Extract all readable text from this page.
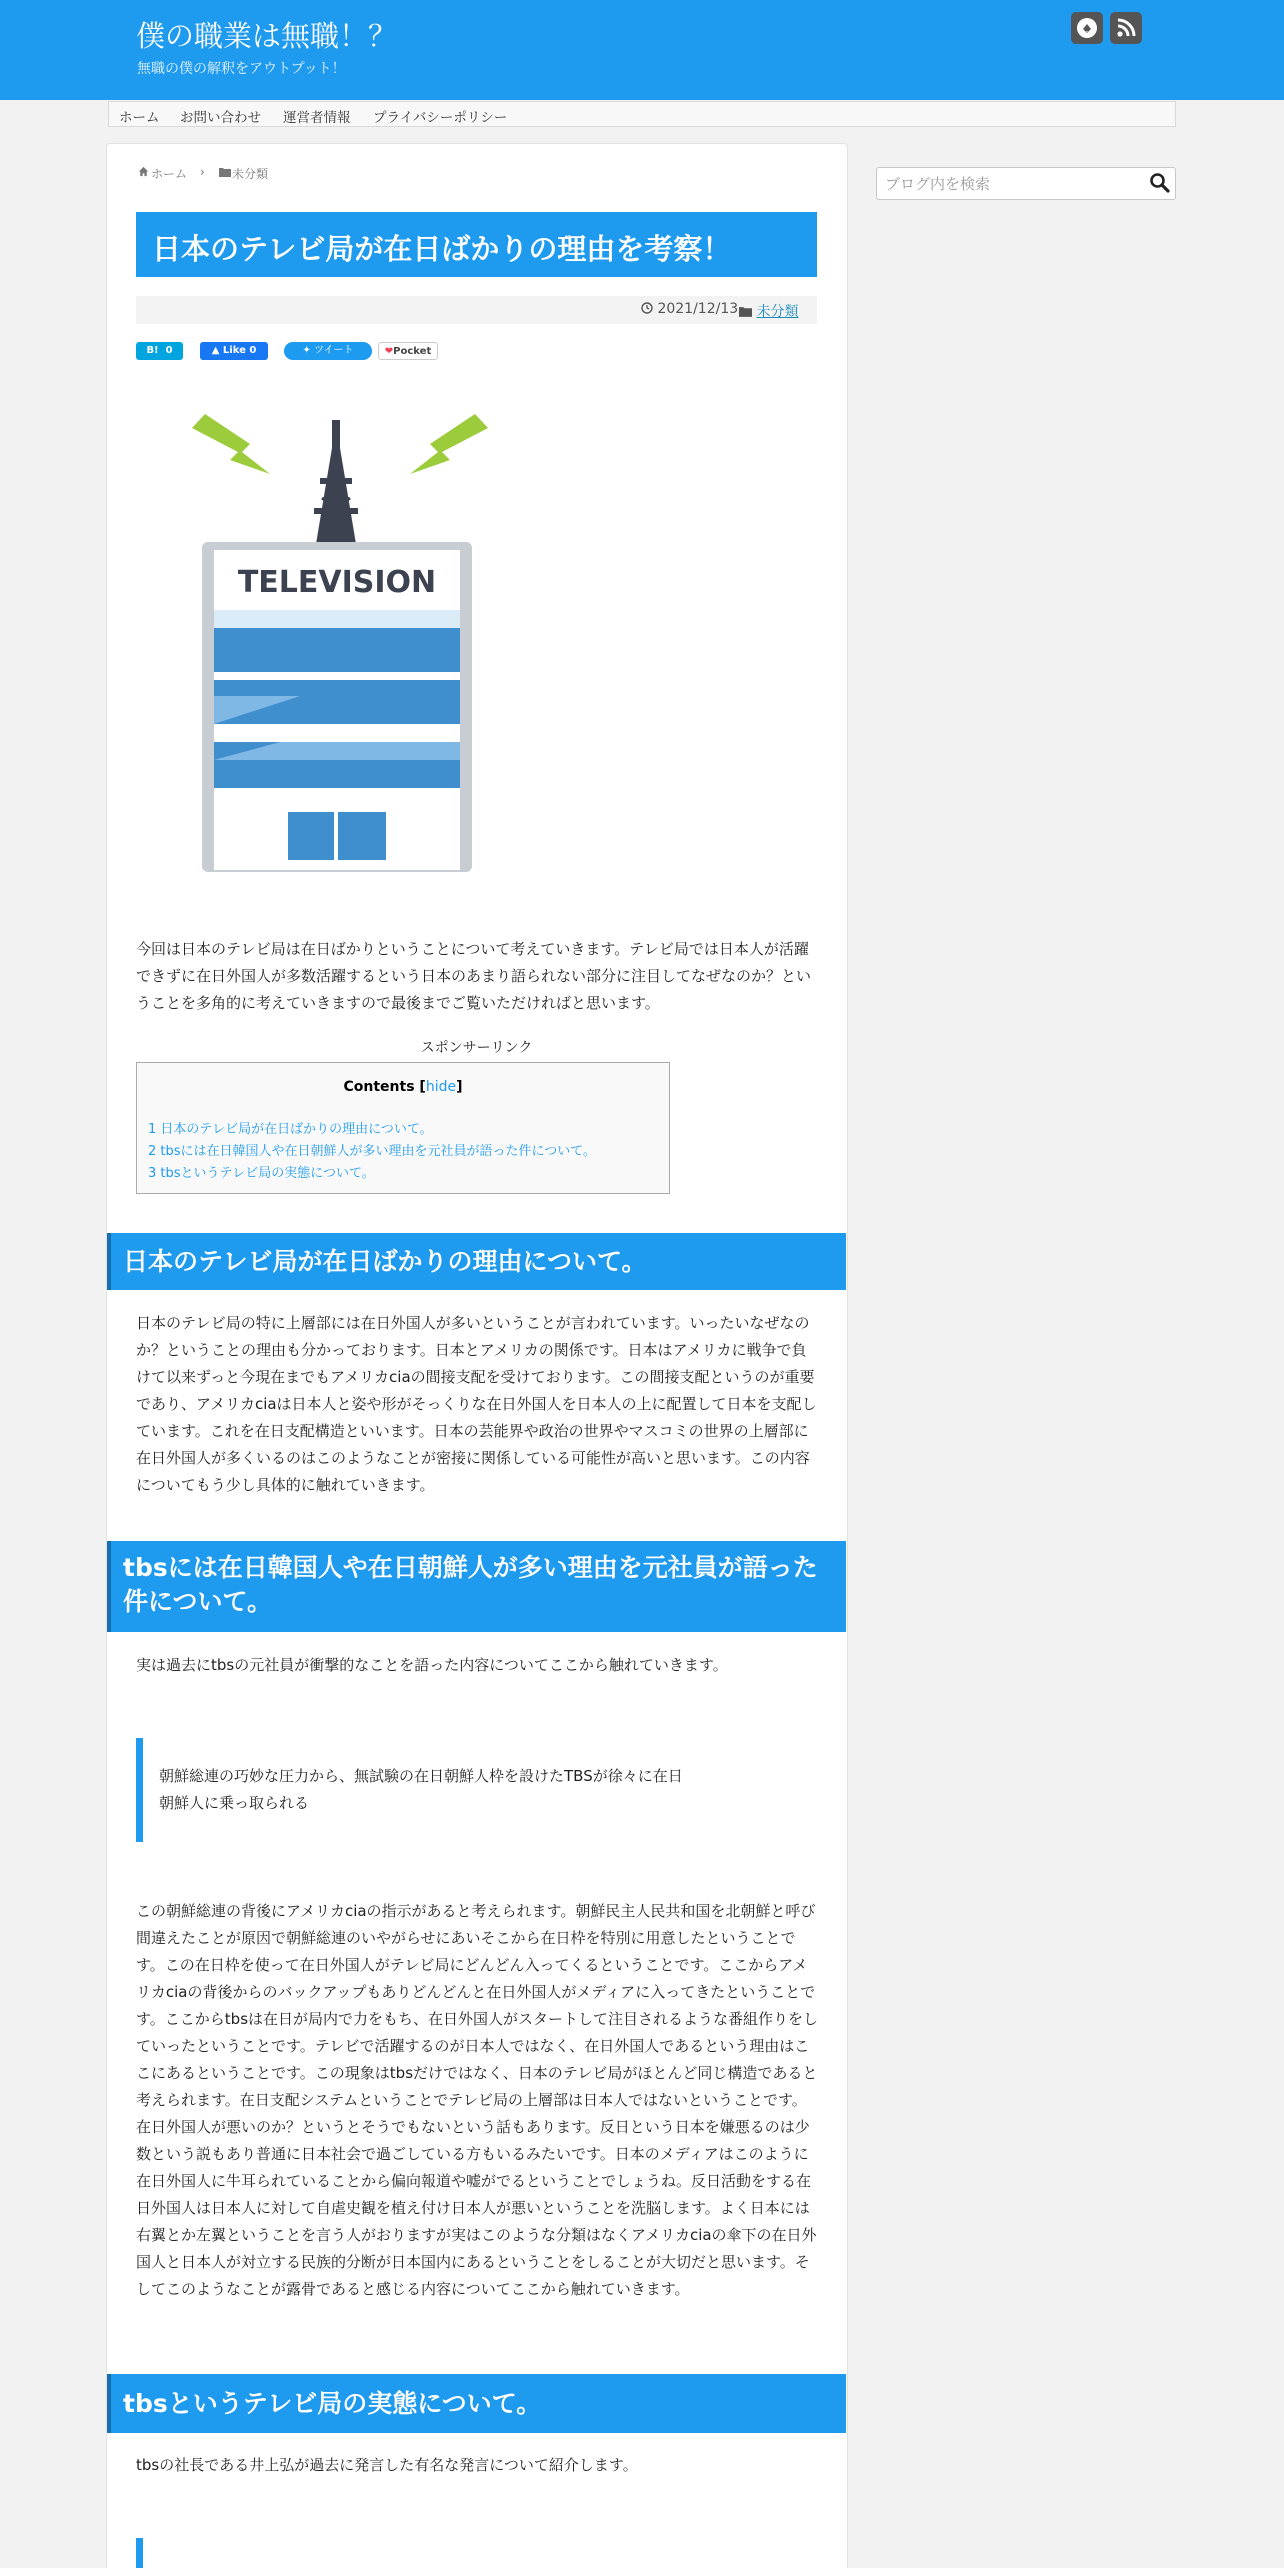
僕の職業は無職！？
無職の僕の解釈をアウトプット！
ホーム お問い合わせ 運営者情報 プライバシーポリシー
ホーム › 未分類
日本のテレビ局が在日ばかりの理由を考察！
2021/12/13	未分類
B! 0	▲ Like 0	✦ ツイート	❤Pocket
TELEVISION

今回は日本のテレビ局は在日ばかりということについて考えていきます。テレビ局では日本人が活躍できずに在日外国人が多数活躍するという日本のあまり語られない部分に注目してなぜなのか？ということを多角的に考えていきますので最後までご覧いただければと思います。

スポンサーリンク
Contents [hide]
1 日本のテレビ局が在日ばかりの理由について。
2 tbsには在日韓国人や在日朝鮮人が多い理由を元社員が語った件について。
3 tbsというテレビ局の実態について。
日本のテレビ局が在日ばかりの理由について。

日本のテレビ局の特に上層部には在日外国人が多いということが言われています。いったいなぜなのか？ということの理由も分かっております。日本とアメリカの関係です。日本はアメリカに戦争で負けて以来ずっと今現在までもアメリカciaの間接支配を受けております。この間接支配というのが重要であり、アメリカciaは日本人と姿や形がそっくりな在日外国人を日本人の上に配置して日本を支配しています。これを在日支配構造といいます。日本の芸能界や政治の世界やマスコミの世界の上層部に在日外国人が多くいるのはこのようなことが密接に関係している可能性が高いと思います。この内容についてもう少し具体的に触れていきます。

tbsには在日韓国人や在日朝鮮人が多い理由を元社員が語った件について。

実は過去にtbsの元社員が衝撃的なことを語った内容についてここから触れていきます。

朝鮮総連の巧妙な圧力から、無試験の在日朝鮮人枠を設けたTBSが徐々に在日朝鮮人に乗っ取られる

この朝鮮総連の背後にアメリカciaの指示があると考えられます。朝鮮民主人民共和国を北朝鮮と呼び間違えたことが原因で朝鮮総連のいやがらせにあいそこから在日枠を特別に用意したということです。この在日枠を使って在日外国人がテレビ局にどんどん入ってくるということです。ここからアメリカciaの背後からのバックアップもありどんどんと在日外国人がメディアに入ってきたということです。ここからtbsは在日が局内で力をもち、在日外国人がスタートして注目されるような番組作りをしていったということです。テレビで活躍するのが日本人ではなく、在日外国人であるという理由はここにあるということです。この現象はtbsだけではなく、日本のテレビ局がほとんど同じ構造であると考えられます。在日支配システムということでテレビ局の上層部は日本人ではないということです。在日外国人が悪いのか？というとそうでもないという話もあります。反日という日本を嫌悪るのは少数という説もあり普通に日本社会で過ごしている方もいるみたいです。日本のメディアはこのように在日外国人に牛耳られていることから偏向報道や嘘がでるということでしょうね。反日活動をする在日外国人は日本人に対して自虐史観を植え付け日本人が悪いということを洗脳します。よく日本には右翼とか左翼ということを言う人がおりますが実はこのような分類はなくアメリカciaの傘下の在日外国人と日本人が対立する民族的分断が日本国内にあるということをしることが大切だと思います。そしてこのようなことが露骨であると感じる内容についてここから触れていきます。

tbsというテレビ局の実態について。

tbsの社長である井上弘が過去に発言した有名な発言について紹介します。

ブログ内を検索
